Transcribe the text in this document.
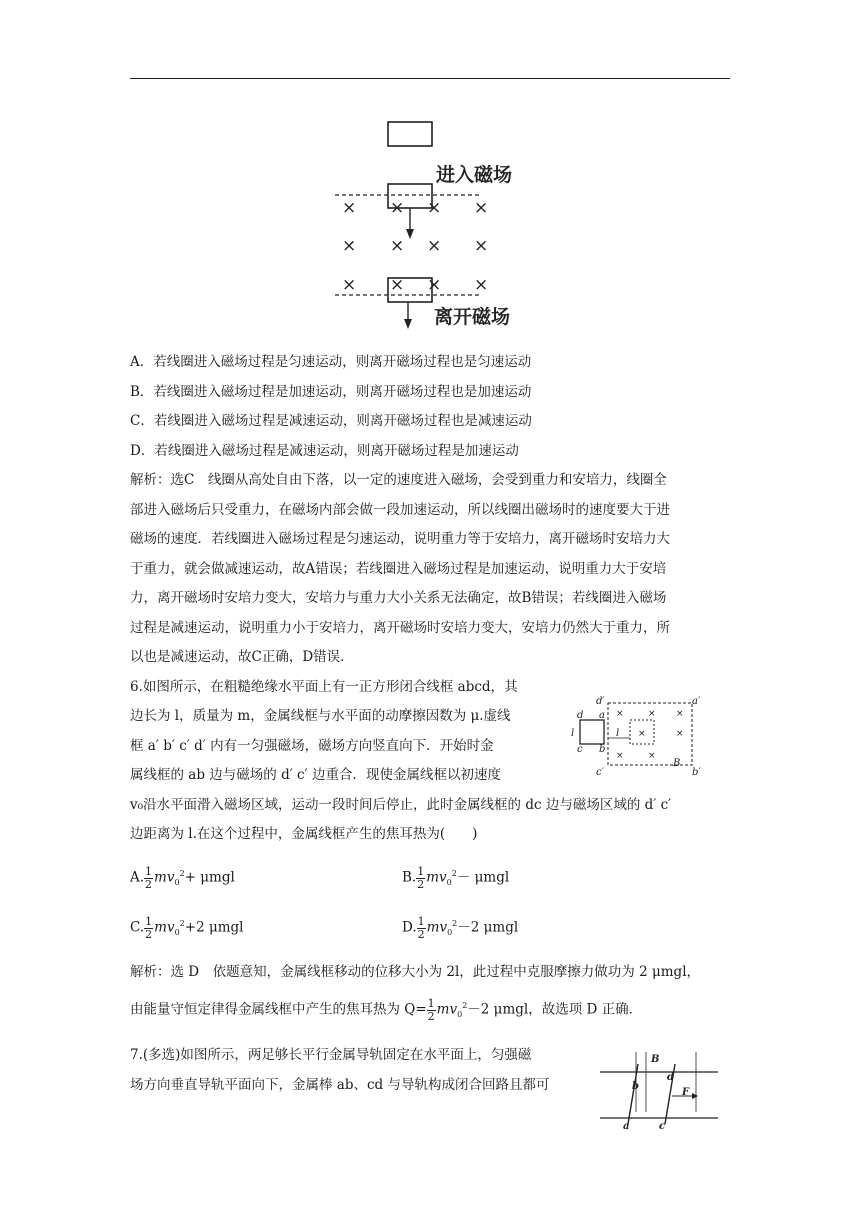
× × × ×
× × × ×
× × × ×
进入磁场
离开磁场
A．若线圈进入磁场过程是匀速运动，则离开磁场过程也是匀速运动
B．若线圈进入磁场过程是加速运动，则离开磁场过程也是加速运动
C．若线圈进入磁场过程是减速运动，则离开磁场过程也是减速运动
D．若线圈进入磁场过程是减速运动，则离开磁场过程是加速运动
解析：选C　线圈从高处自由下落，以一定的速度进入磁场，会受到重力和安培力，线圈全
部进入磁场后只受重力，在磁场内部会做一段加速运动，所以线圈出磁场时的速度要大于进
磁场的速度．若线圈进入磁场过程是匀速运动，说明重力等于安培力，离开磁场时安培力大
于重力，就会做减速运动，故A错误；若线圈进入磁场过程是加速运动，说明重力大于安培
力，离开磁场时安培力变大，安培力与重力大小关系无法确定，故B错误；若线圈进入磁场
过程是减速运动，说明重力小于安培力，离开磁场时安培力变大，安培力仍然大于重力，所
以也是减速运动，故C正确，D错误．
6.如图所示，在粗糙绝缘水平面上有一正方形闭合线框 abcd，其
边长为 l，质量为 m，金属线框与水平面的动摩擦因数为 μ.虚线
框 a′ b′ c′ d′ 内有一匀强磁场，磁场方向竖直向下．开始时金
属线框的 ab 边与磁场的 d′ c′ 边重合．现使金属线框以初速度
v₀沿水平面滑入磁场区域，运动一段时间后停止，此时金属线框的 dc 边与磁场区域的 d′ c′
边距离为 l.在这个过程中，金属线框产生的焦耳热为(　　)
d′	a′
c′	b′
d a
c b
l	l
B
×	× ×
×	×
×	×
A. $\frac{1}{2} mv_0^2+ \mu mgl$	B. $\frac{1}{2} mv_0^2- \mu mgl$
C. $\frac{1}{2} mv_0^2+2$ μmgl	D. $\frac{1}{2} mv_0^2-2$ μmgl
解析：选 D　依题意知，金属线框移动的位移大小为 2l，此过程中克服摩擦力做功为 2 μmgl，
由能量守恒定律得金属线框中产生的焦耳热为 $Q= \frac{1}{2} mv_0^2-2$ μmgl，故选项 D 正确．
7.(多选)如图所示，两足够长平行金属导轨固定在水平面上，匀强磁
场方向垂直导轨平面向下，金属棒 ab、cd 与导轨构成闭合回路且都可
B
b
d
F
a	c
